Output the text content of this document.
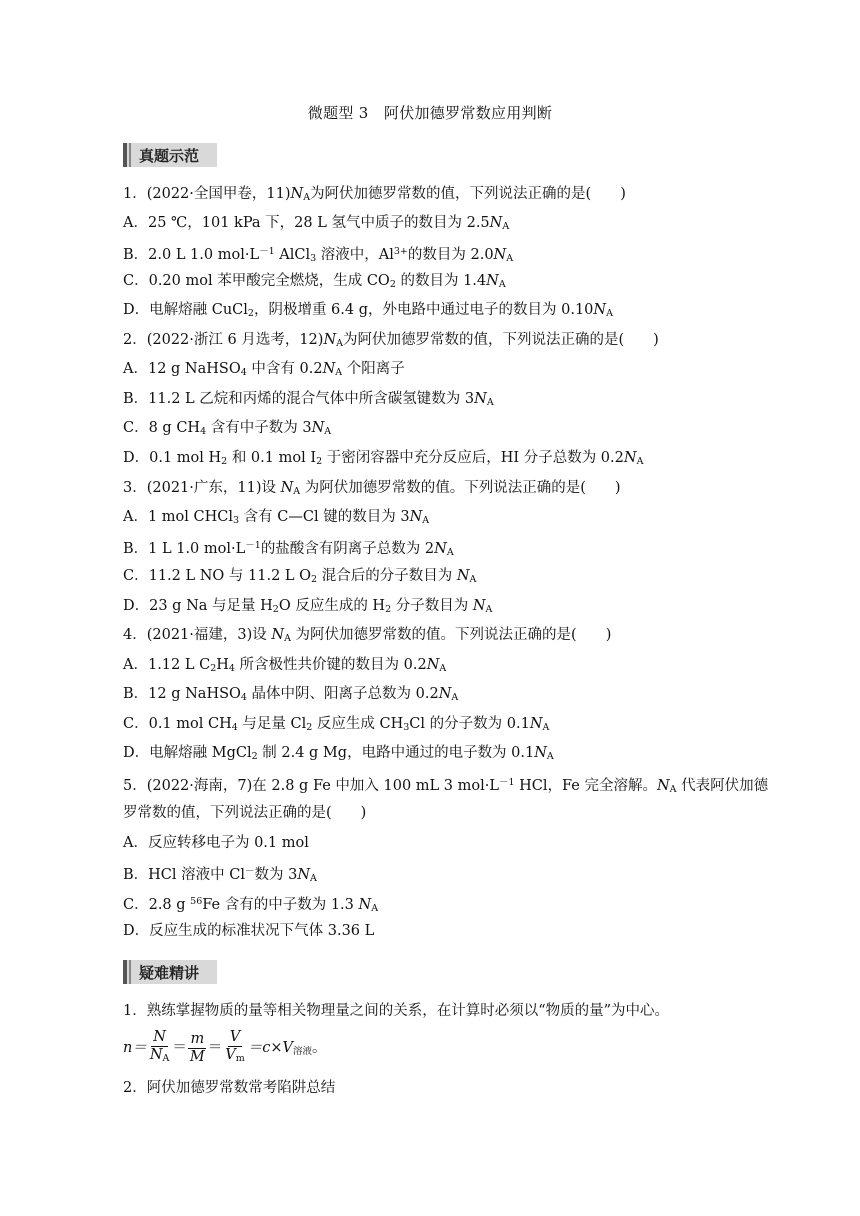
微题型 3　阿伏加德罗常数应用判断
真题示范
1．(2022·全国甲卷，$11)N_A$为阿伏加德罗常数的值，下列说法正确的是(　　)
A．25 ℃，101 kPa 下，28 L 氢气中质子的数目为 $2.5N_A$
B．2.0 L 1.0 $mol\cdot L^{-1}$ AlCl$_3$ 溶液中，$Al^{3+}$的数目为 $2.0N_A$
C．0.20 mol 苯甲酸完全燃烧，生成 $CO_2$ 的数目为 $1.4N_A$
D．电解熔融 CuCl$_2$，阴极增重 6.4 g，外电路中通过电子的数目为 $0.10N_A$
2．(2022·浙江 6 月选考，$12)N_A$为阿伏加德罗常数的值，下列说法正确的是(　　)
A．12 g NaHSO$_4$ 中含有 $0.2N_A$ 个阳离子
B．11.2 L 乙烷和丙烯的混合气体中所含碳氢键数为 $3N_A$
C．8 g $CH_4$ 含有中子数为 $3N_A$
D．0.1 mol $H_2$ 和 0.1 mol $I_2$ 于密闭容器中充分反应后，HI 分子总数为 $0.2N_A$
3．(2021·广东，11)设 $N_A$ 为阿伏加德罗常数的值。下列说法正确的是(　　)
A．1 mol CHCl$_3$ 含有 C—Cl 键的数目为 $3N_A$
B．1 L 1.0 $mol\cdot L^{-1}$的盐酸含有阴离子总数为 $2N_A$
C．11.2 L NO 与 11.2 L $O_2$ 混合后的分子数目为 $N_A$
D．23 g Na 与足量 $H_2O$ 反应生成的 $H_2$ 分子数目为 $N_A$
4．(2021·福建，3)设 $N_A$ 为阿伏加德罗常数的值。下列说法正确的是(　　)
A．1.12 L $C_2H_4$ 所含极性共价键的数目为 $0.2N_A$
B．12 g NaHSO$_4$ 晶体中阴、阳离子总数为 $0.2N_A$
C．0.1 mol $CH_4$ 与足量 $Cl_2$ 反应生成 $CH_3Cl$ 的分子数为 $0.1N_A$
D．电解熔融 MgCl$_2$ 制 2.4 g Mg，电路中通过的电子数为 $0.1N_A$
5．(2022·海南，7)在 2.8 g Fe 中加入 100 mL 3 $mol\cdot L^{-1}$ HCl，Fe 完全溶解。$N_A$ 代表阿伏加德
罗常数的值，下列说法正确的是(　　)
A．反应转移电子为 0.1 mol
B．HCl 溶液中 Cl－数为 $3N_A$
C．2.8 g $^{56}$Fe 含有的中子数为 1.3 $N_A$
D．反应生成的标准状况下气体 3.36 L
疑难精讲
1．熟练掌握物质的量等相关物理量之间的关系，在计算时必须以“物质的量”为中心。
$n= \frac{N}{N_A} = \frac{m}{M} = \frac{V}{V_m} =c\times V$溶液。
2．阿伏加德罗常数常考陷阱总结
